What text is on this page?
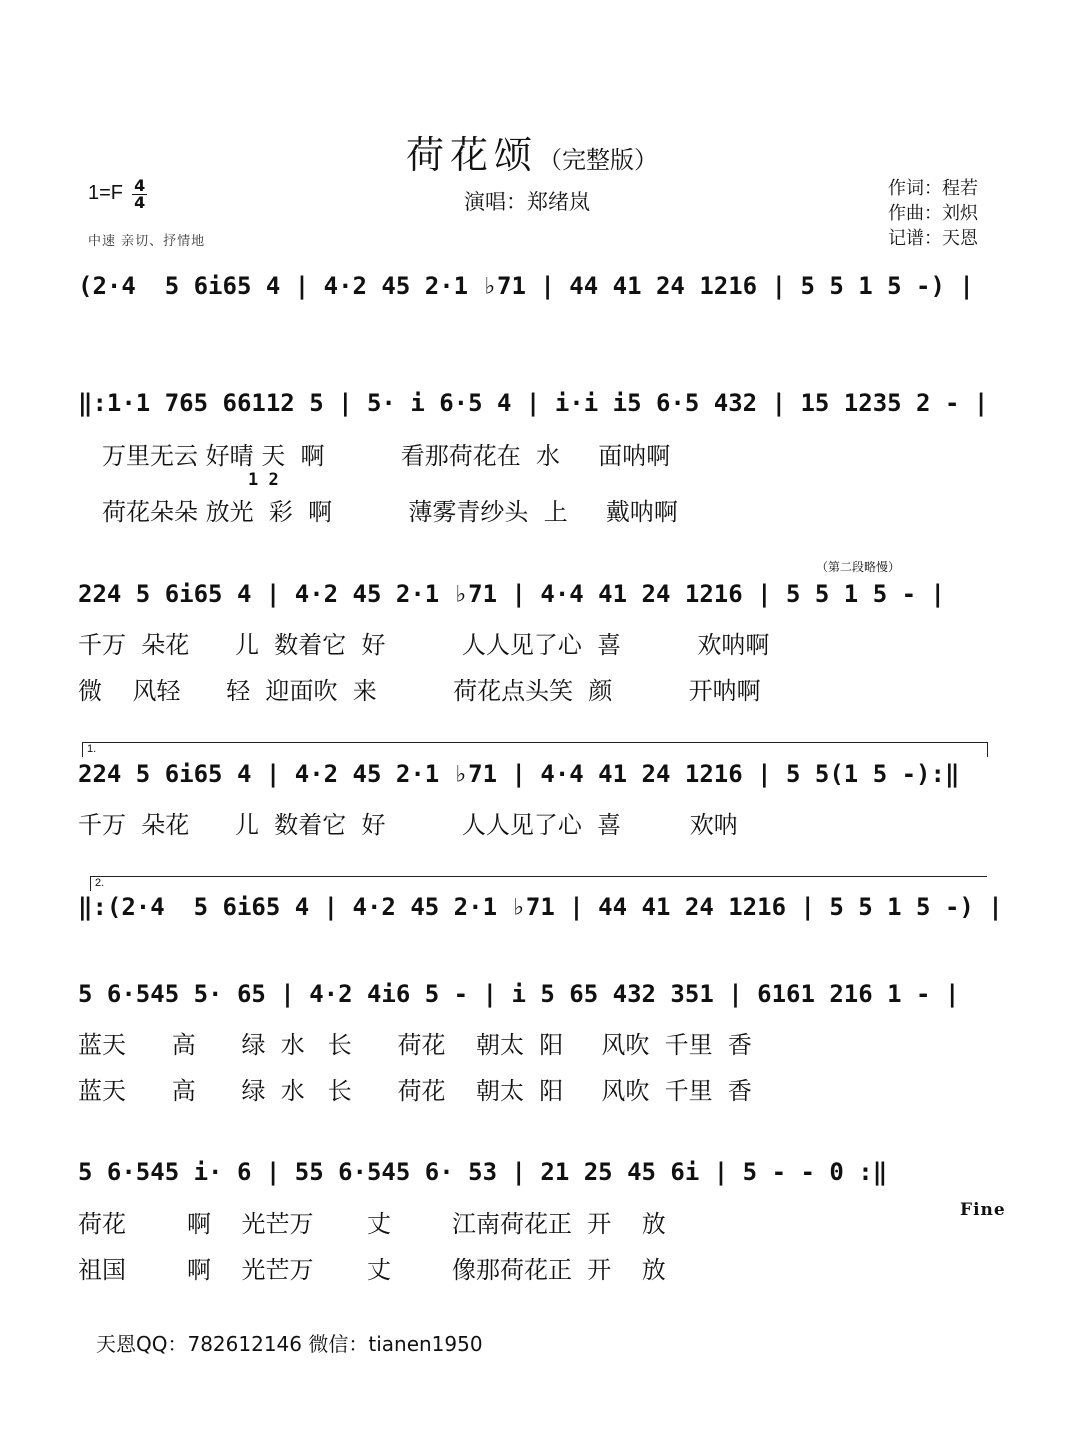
荷花颂（完整版）
演唱：郑绪岚
作词：程若
作曲：刘炽
记谱：天恩
$1=F \frac{4}{4}$
中速 亲切、抒情地
(2·4  5 6i65 4 | 4·2 45 2·1 ♭71 | 44 41 24 1216 | 5 5 1 5 -) |
‖:1·1 765 66112 5 | 5· i 6·5 4 | i·i i5 6·5 432 | 15 1235 2 - |
1 2
万里无云 好晴 天  啊          看那荷花在  水     面呐啊
荷花朵朵 放光  彩  啊          薄雾青纱头  上     戴呐啊
（第二段略慢）
224 5 6i65 4 | 4·2 45 2·1 ♭71 | 4·4 41 24 1216 | 5 5 1 5 - |
千万  朵花      儿  数着它  好          人人见了心  喜          欢呐啊
微    风轻      轻  迎面吹  来          荷花点头笑  颜          开呐啊
1.
224 5 6i65 4 | 4·2 45 2·1 ♭71 | 4·4 41 24 1216 | 5 5(1 5 -):‖
千万  朵花      儿  数着它  好          人人见了心  喜         欢呐
2.
‖:(2·4  5 6i65 4 | 4·2 45 2·1 ♭71 | 44 41 24 1216 | 5 5 1 5 -) |
5 6·545 5· 65 | 4·2 4i6 5 - | i 5 65 432 351 | 6161 216 1 - |
蓝天      高      绿  水   长      荷花    朝太  阳     风吹  千里  香
蓝天      高      绿  水   长      荷花    朝太  阳     风吹  千里  香
5 6·545 i· 6 | 55 6·545 6· 53 | 21 25 45 6i | 5 - - 0 :‖
Fine
荷花        啊    光芒万       丈        江南荷花正  开    放
祖国        啊    光芒万       丈        像那荷花正  开    放
天恩QQ：782612146 微信：tianen1950
